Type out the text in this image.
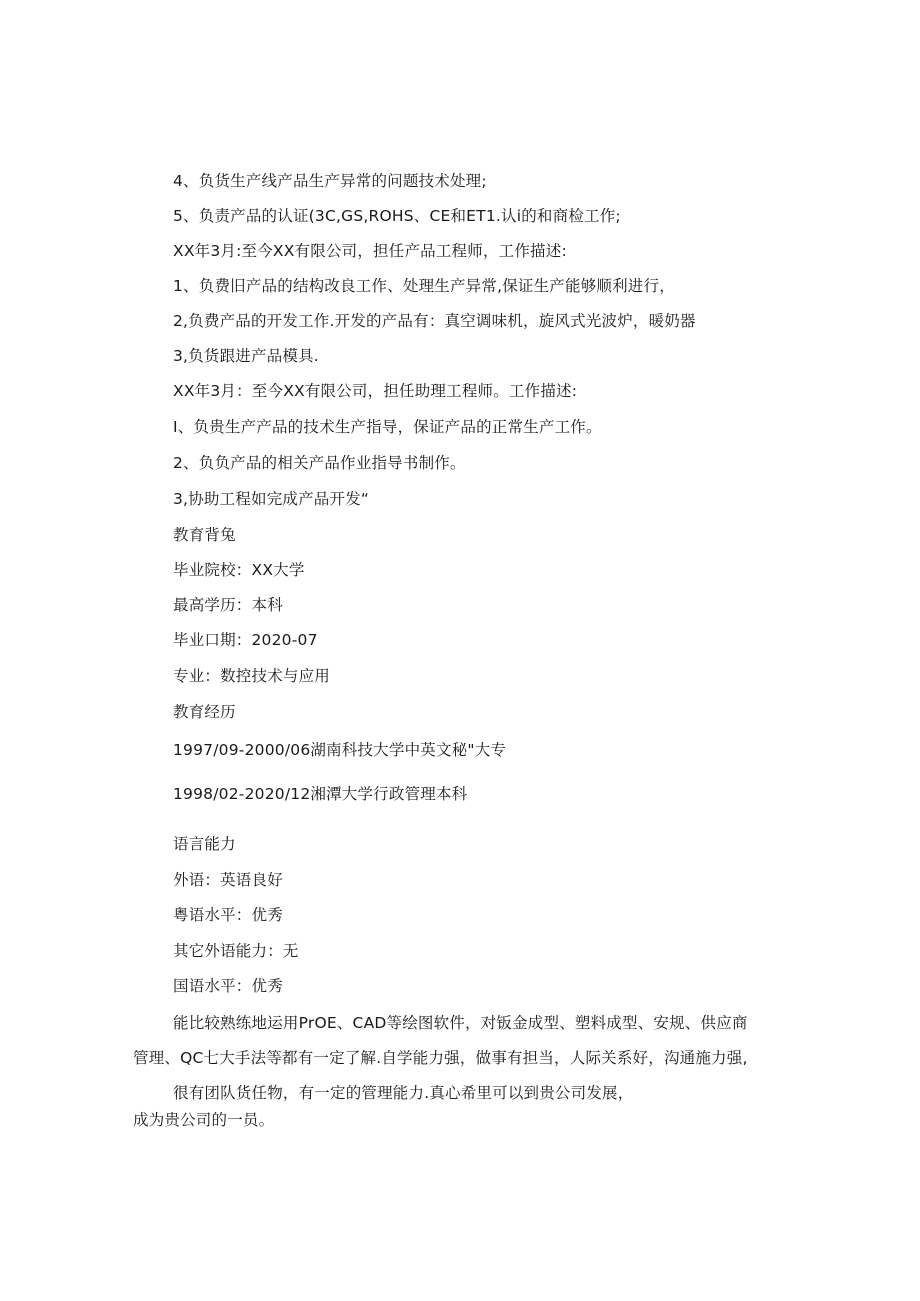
4、负货生产线产品生产异常的问题技术处理;
5、负责产品的认证(3C,GS,ROHS、CE和ET1.认i的和商检工作;
XX年3月:至今XX有限公司，担任产品工程师，工作描述:
1、负费旧产品的结构改良工作、处理生产异常,保证生产能够顺利进行，
2,负费产品的开发工作.开发的产品有：真空调味机，旋风式光波炉，暖奶器
3,负货跟进产品模具.
XX年3月：至今XX有限公司，担任助理工程师。工作描述:
I、负贵生产产品的技术生产指导，保证产品的正常生产工作。
2、负负产品的相关产品作业指导书制作。
3,协助工程如完成产品开发“
教育背兔
毕业院校：XX大学
最高学历：本科
毕业口期：2020-07
专业：数控技术与应用
教育经历
1997/09-2000/06湖南科技大学中英文秘"大专
1998/02-2020/12湘潭大学行政管理本科
语言能力
外语：英语良好
粤语水平：优秀
其它外语能力：无
国语水平：优秀
能比较熟练地运用PrOE、CAD等绘图软件，对钣金成型、塑料成型、安规、供应商
管理、QC七大手法等都有一定了解.自学能力强，做事有担当，人际关系好，沟通施力强,
很有团队货任物，有一定的管理能力.真心希里可以到贵公司发展，
成为贵公司的一员。
